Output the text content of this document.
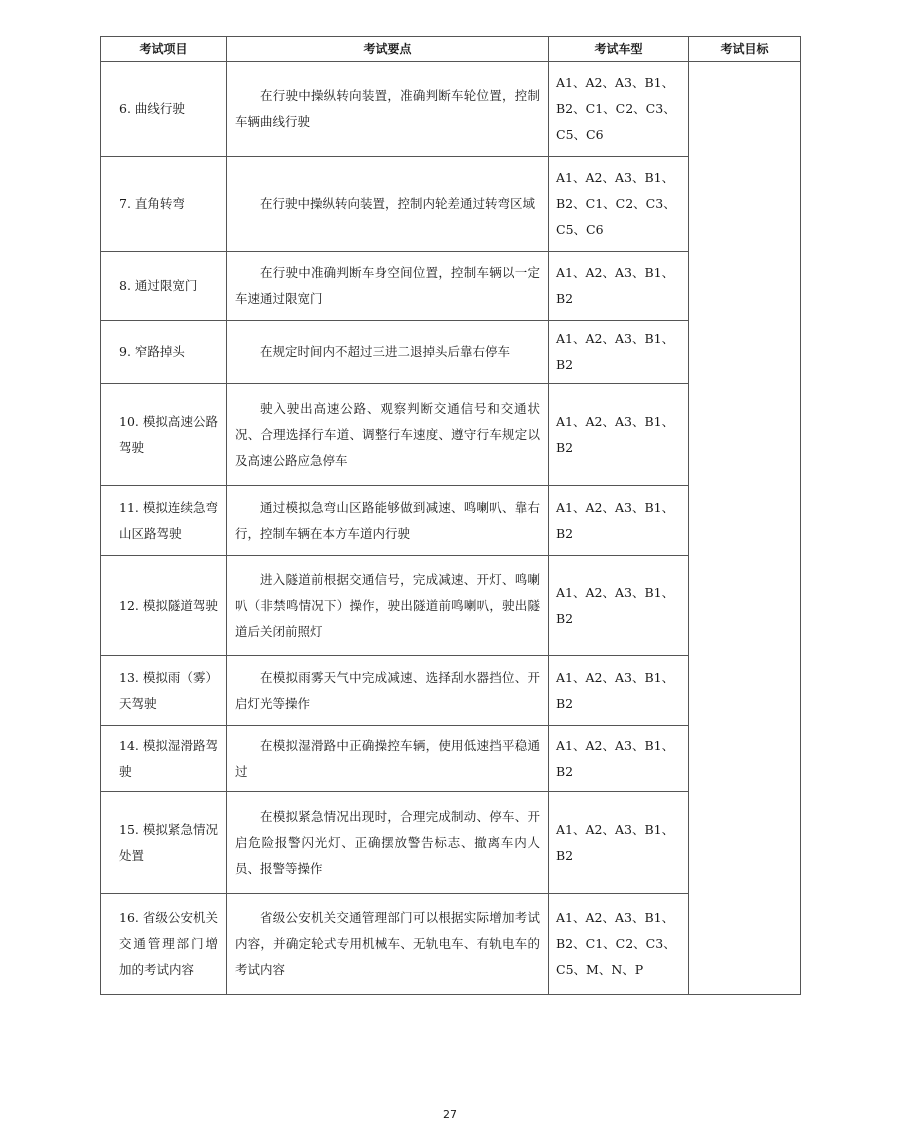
考试项目	考试要点	考试车型	考试目标
6. 曲线行驶	在行驶中操纵转向装置，准确判断车轮位置，控制车辆曲线行驶	A1、A2、A3、B1、B2、C1、C2、C3、C5、C6	
7. 直角转弯	在行驶中操纵转向装置，控制内轮差通过转弯区域	A1、A2、A3、B1、B2、C1、C2、C3、C5、C6	
8. 通过限宽门	在行驶中准确判断车身空间位置，控制车辆以一定车速通过限宽门	A1、A2、A3、B1、B2	
9. 窄路掉头	在规定时间内不超过三进二退掉头后靠右停车	A1、A2、A3、B1、B2	
10. 模拟高速公路驾驶	驶入驶出高速公路、观察判断交通信号和交通状况、合理选择行车道、调整行车速度、遵守行车规定以及高速公路应急停车	A1、A2、A3、B1、B2	
11. 模拟连续急弯山区路驾驶	通过模拟急弯山区路能够做到减速、鸣喇叭、靠右行，控制车辆在本方车道内行驶	A1、A2、A3、B1、B2	
12. 模拟隧道驾驶	进入隧道前根据交通信号，完成减速、开灯、鸣喇叭（非禁鸣情况下）操作，驶出隧道前鸣喇叭，驶出隧道后关闭前照灯	A1、A2、A3、B1、B2	
13. 模拟雨（雾）天驾驶	在模拟雨雾天气中完成减速、选择刮水器挡位、开启灯光等操作	A1、A2、A3、B1、B2	
14. 模拟湿滑路驾驶	在模拟湿滑路中正确操控车辆，使用低速挡平稳通过	A1、A2、A3、B1、B2	
15. 模拟紧急情况处置	在模拟紧急情况出现时，合理完成制动、停车、开启危险报警闪光灯、正确摆放警告标志、撤离车内人员、报警等操作	A1、A2、A3、B1、B2	
16. 省级公安机关交通管理部门增加的考试内容	省级公安机关交通管理部门可以根据实际增加考试内容，并确定轮式专用机械车、无轨电车、有轨电车的考试内容	A1、A2、A3、B1、B2、C1、C2、C3、C5、M、N、P	
27
